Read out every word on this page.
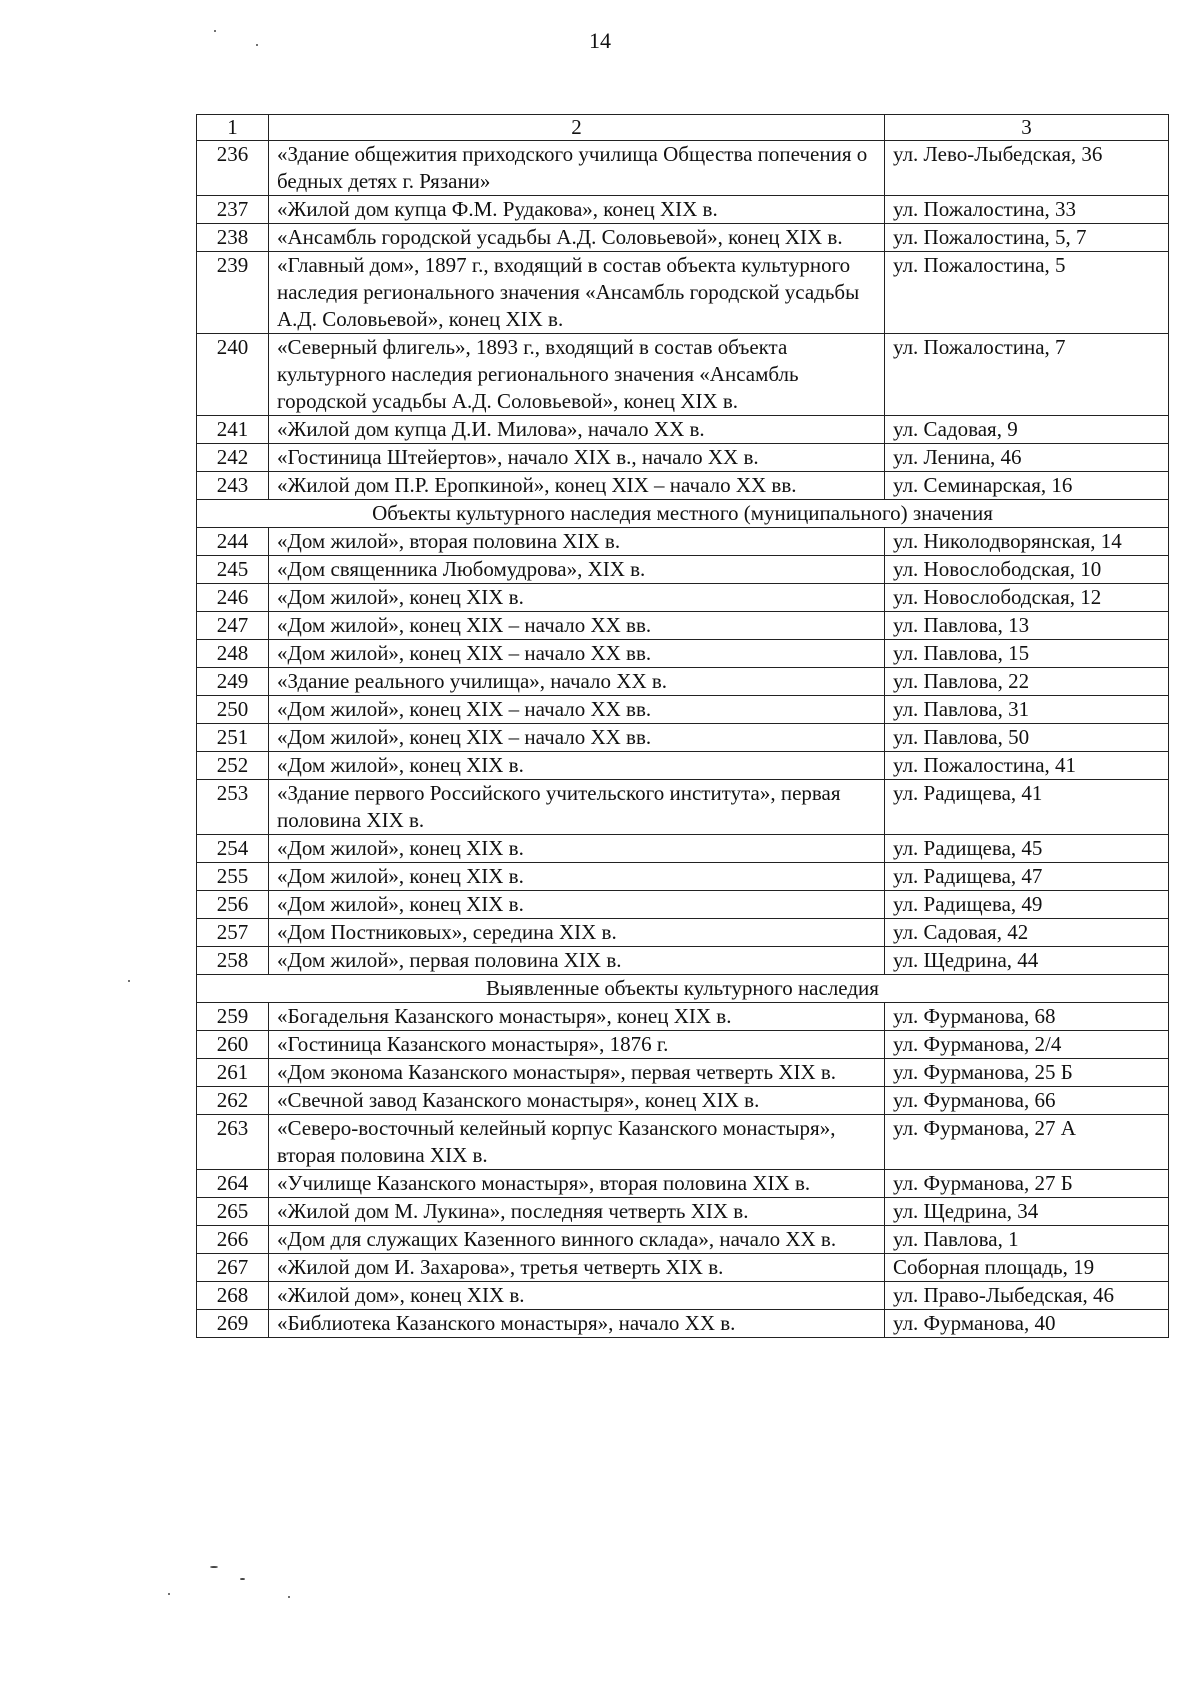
14
1	2	3
236	«Здание общежития приходского училища Общества попечения о бедных детях г. Рязани»	ул. Лево-Лыбедская, 36
237	«Жилой дом купца Ф.М. Рудакова», конец XIX в.	ул. Пожалостина, 33
238	«Ансамбль городской усадьбы А.Д. Соловьевой», конец XIX в.	ул. Пожалостина, 5, 7
239	«Главный дом», 1897 г., входящий в состав объекта культурного наследия регионального значения «Ансамбль городской усадьбы А.Д. Соловьевой», конец XIX в.	ул. Пожалостина, 5
240	«Северный флигель», 1893 г., входящий в состав объекта культурного наследия регионального значения «Ансамбль городской усадьбы А.Д. Соловьевой», конец XIX в.	ул. Пожалостина, 7
241	«Жилой дом купца Д.И. Милова», начало XX в.	ул. Садовая, 9
242	«Гостиница Штейертов», начало XIX в., начало XX в.	ул. Ленина, 46
243	«Жилой дом П.Р. Еропкиной», конец XIX – начало XX вв.	ул. Семинарская, 16
Объекты культурного наследия местного (муниципального) значения		
244	«Дом жилой», вторая половина XIX в.	ул. Николодворянская, 14
245	«Дом священника Любомудрова», XIX в.	ул. Новослободская, 10
246	«Дом жилой», конец XIX в.	ул. Новослободская, 12
247	«Дом жилой», конец XIX – начало XX вв.	ул. Павлова, 13
248	«Дом жилой», конец XIX – начало XX вв.	ул. Павлова, 15
249	«Здание реального училища», начало XX в.	ул. Павлова, 22
250	«Дом жилой», конец XIX – начало XX вв.	ул. Павлова, 31
251	«Дом жилой», конец XIX – начало XX вв.	ул. Павлова, 50
252	«Дом жилой», конец XIX в.	ул. Пожалостина, 41
253	«Здание первого Российского учительского института», первая половина XIX в.	ул. Радищева, 41
254	«Дом жилой», конец XIX в.	ул. Радищева, 45
255	«Дом жилой», конец XIX в.	ул. Радищева, 47
256	«Дом жилой», конец XIX в.	ул. Радищева, 49
257	«Дом Постниковых», середина XIX в.	ул. Садовая, 42
258	«Дом жилой», первая половина XIX в.	ул. Щедрина, 44
Выявленные объекты культурного наследия		
259	«Богадельня Казанского монастыря», конец XIX в.	ул. Фурманова, 68
260	«Гостиница Казанского монастыря», 1876 г.	ул. Фурманова, 2/4
261	«Дом эконома Казанского монастыря», первая четверть XIX в.	ул. Фурманова, 25 Б
262	«Свечной завод Казанского монастыря», конец XIX в.	ул. Фурманова, 66
263	«Северо-восточный келейный корпус Казанского монастыря», вторая половина XIX в.	ул. Фурманова, 27 А
264	«Училище Казанского монастыря», вторая половина XIX в.	ул. Фурманова, 27 Б
265	«Жилой дом М. Лукина», последняя четверть XIX в.	ул. Щедрина, 34
266	«Дом для служащих Казенного винного склада», начало XX в.	ул. Павлова, 1
267	«Жилой дом И. Захарова», третья четверть XIX в.	Соборная площадь, 19
268	«Жилой дом», конец XIX в.	ул. Право-Лыбедская, 46
269	«Библиотека Казанского монастыря», начало XX в.	ул. Фурманова, 40
